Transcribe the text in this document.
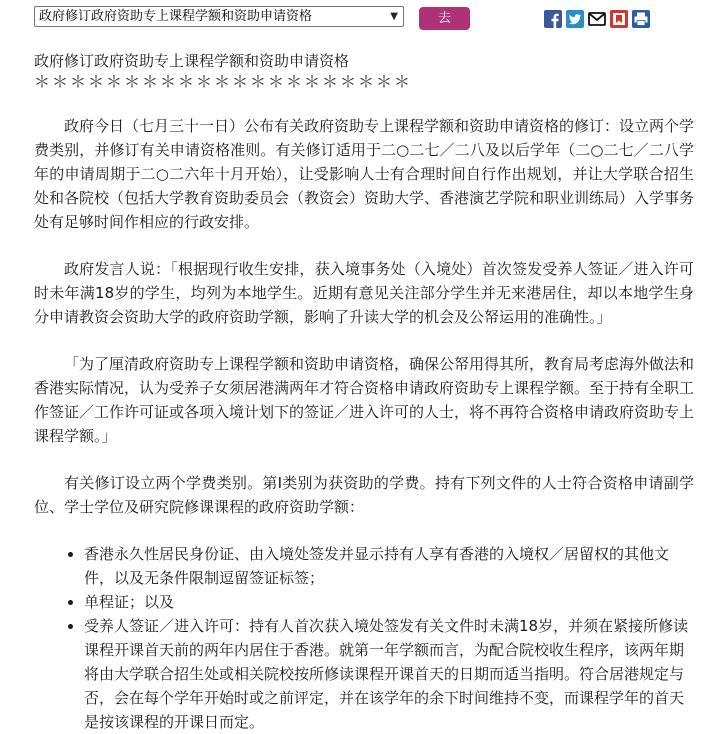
政府修订政府资助专上课程学额和资助申请资格	▼	去
政府修订政府资助专上课程学额和资助申请资格
＊＊＊＊＊＊＊＊＊＊＊＊＊＊＊＊＊＊＊＊＊

政府今日（七月三十一日）公布有关政府资助专上课程学额和资助申请资格的修订：设立两个学费类别，并修订有关申请资格准则。有关修订适用于二○二七／二八及以后学年（二○二七／二八学年的申请周期于二○二六年十月开始），让受影响人士有合理时间自行作出规划，并让大学联合招生处和各院校（包括大学教育资助委员会（教资会）资助大学、香港演艺学院和职业训练局）入学事务处有足够时间作相应的行政安排。

政府发言人说：「根据现行收生安排，获入境事务处（入境处）首次签发受养人签证／进入许可时未年满18岁的学生，均列为本地学生。近期有意见关注部分学生并无来港居住，却以本地学生身分申请教资会资助大学的政府资助学额，影响了升读大学的机会及公帑运用的准确性。」

「为了厘清政府资助专上课程学额和资助申请资格，确保公帑用得其所，教育局考虑海外做法和香港实际情况，认为受养子女须居港满两年才符合资格申请政府资助专上课程学额。至于持有全职工作签证／工作许可证或各项入境计划下的签证／进入许可的人士，将不再符合资格申请政府资助专上课程学额。」

有关修订设立两个学费类别。第I类别为获资助的学费。持有下列文件的人士符合资格申请副学位、学士学位及研究院修课课程的政府资助学额：

• 香港永久性居民身份证、由入境处签发并显示持有人享有香港的入境权／居留权的其他文件，以及无条件限制逗留签证标签；
• 单程证；以及
• 受养人签证／进入许可：持有人首次获入境处签发有关文件时未满18岁，并须在紧接所修读课程开课首天前的两年内居住于香港。就第一年学额而言，为配合院校收生程序，该两年期将由大学联合招生处或相关院校按所修读课程开课首天的日期而适当指明。符合居港规定与否，会在每个学年开始时或之前评定，并在该学年的余下时间维持不变，而课程学年的首天是按该课程的开课日而定。
